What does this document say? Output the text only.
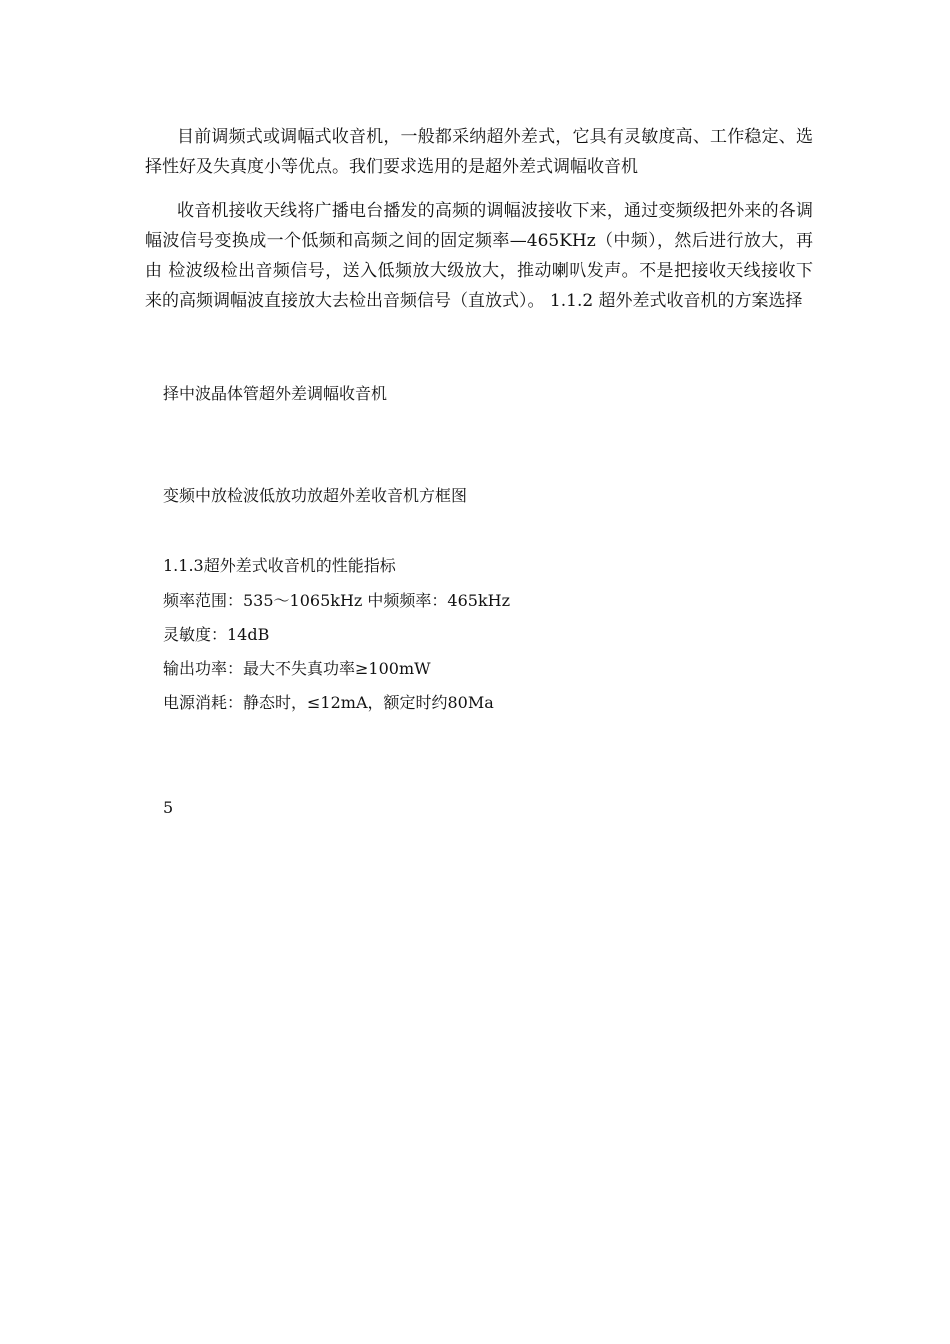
目前调频式或调幅式收音机，一般都采纳超外差式，它具有灵敏度高、工作稳定、选择性好及失真度小等优点。我们要求选用的是超外差式调幅收音机

收音机接收天线将广播电台播发的高频的调幅波接收下来，通过变频级把外来的各调幅波信号变换成一个低频和高频之间的固定频率—465KHz（中频），然后进行放大，再由 检波级检出音频信号，送入低频放大级放大，推动喇叭发声。不是把接收天线接收下来的高频调幅波直接放大去检出音频信号（直放式）。 1.1.2 超外差式收音机的方案选择

择中波晶体管超外差调幅收音机

变频中放检波低放功放超外差收音机方框图

1.1.3超外差式收音机的性能指标

频率范围：535～1065kHz 中频频率：465kHz

灵敏度：14dB

输出功率：最大不失真功率≥100mW

电源消耗：静态时，≤12mA，额定时约80Ma

5
